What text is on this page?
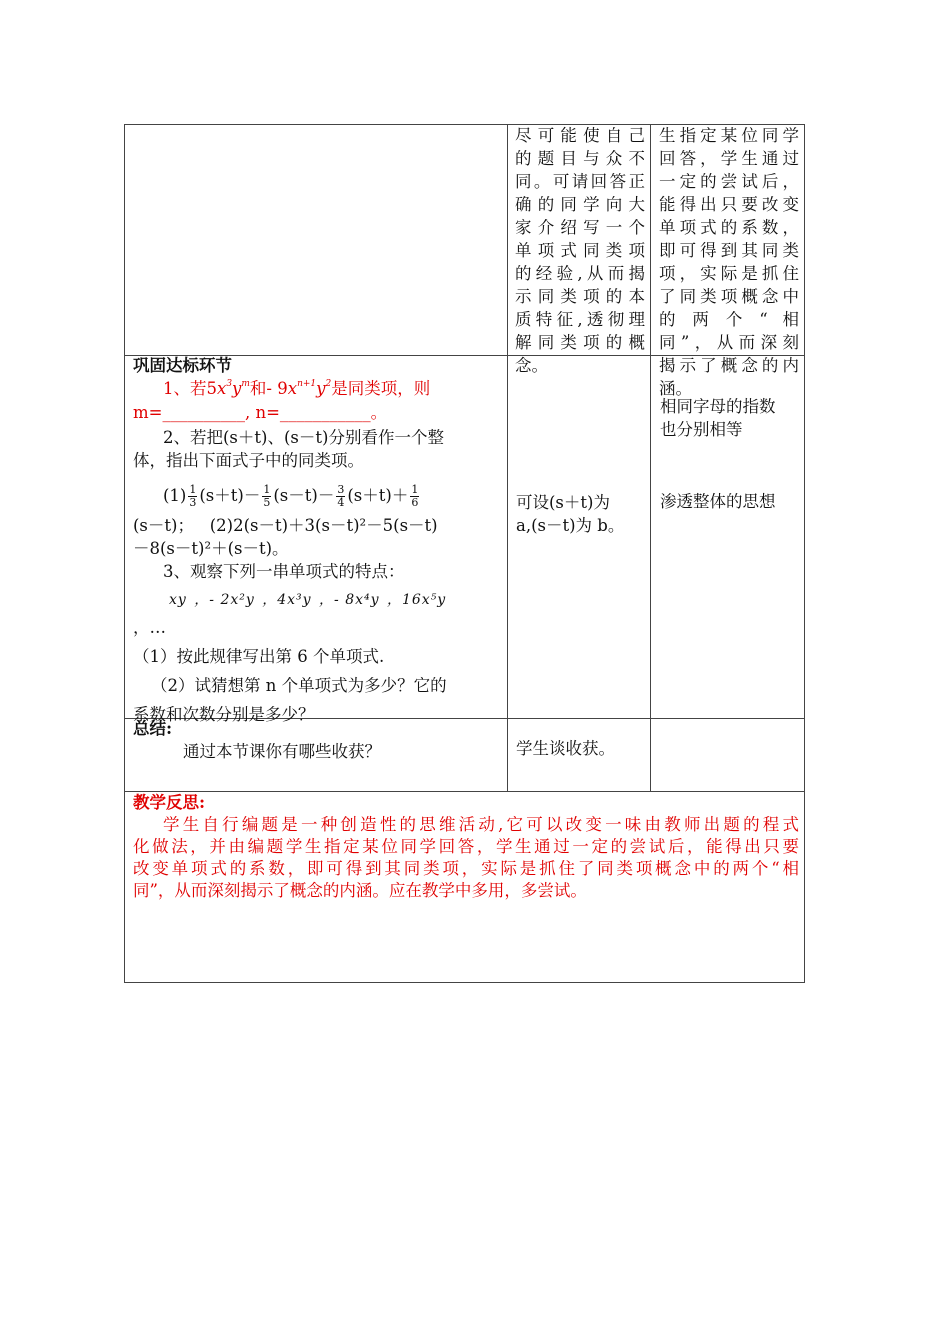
尽可能使自己
的题目与众不
同。可请回答正
确的同学向大
家介绍写一个
单项式同类项
的经验,从而揭
示同类项的本
质特征,透彻理
解同类项的概
念。
生指定某位同学
回答，学生通过
一定的尝试后，
能得出只要改变
单项式的系数，
即可得到其同类
项，实际是抓住
了同类项概念中
的  两  个  “  相
同”，从而深刻
揭示了概念的内
涵。
巩固达标环节
1、若$5x^3y^m$和- $9x^{n+1}y^2$是同类项，则
m=__________, n=___________。
2、若把(s＋t)、(s－t)分别看作一个整
体，指出下面式子中的同类项。
$(1) \frac{1}{3} (s+t)- \frac{1}{5} (s-t)- \frac{3}{4} (s+t)+ \frac{1}{6}$
(s－t)；   (2)2(s－t)＋3(s－t)²－5(s－t)
－8(s－t)²＋(s－t)。
3、观察下列一串单项式的特点：
xy ，- 2x²y ，4x³y ，- 8x⁴y ，16x⁵y
，…
（1）按此规律写出第 6 个单项式.
（2）试猜想第 n 个单项式为多少？它的
系数和次数分别是多少？
可设(s＋t)为
a,(s－t)为 b。
相同字母的指数
也分别相等
渗透整体的思想
总结:
通过本节课你有哪些收获？	学生谈收获。
教学反思:
学生自行编题是一种创造性的思维活动,它可以改变一味由教师出题的程式
化做法，并由编题学生指定某位同学回答，学生通过一定的尝试后，能得出只要
改变单项式的系数，即可得到其同类项，实际是抓住了同类项概念中的两个“相
同”，从而深刻揭示了概念的内涵。应在教学中多用，多尝试。
